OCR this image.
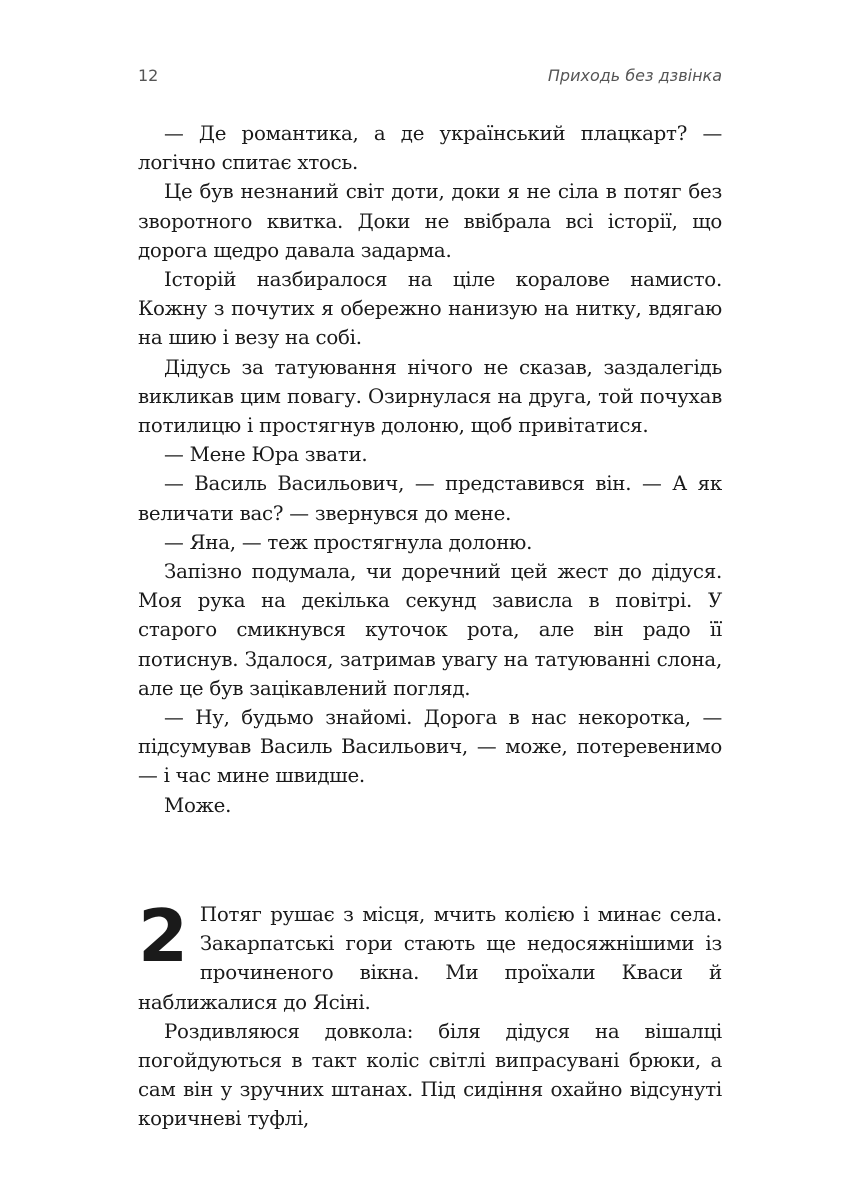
12	Приходь без дзвінка

— Де романтика, а де український плацкарт? — логічно спитає хтось.

Це був незнаний світ доти, доки я не сіла в потяг без зворотного квитка. Доки не ввібрала всі історії, що дорога щедро давала задарма.

Історій назбиралося на ціле коралове намисто. Кожну з почутих я обережно нанизую на нитку, вдягаю на шию і везу на собі.

Дідусь за татуювання нічого не сказав, заздалегідь викликав цим повагу. Озирнулася на друга, той почухав потилицю і простягнув долоню, щоб привітатися.

— Мене Юра звати.

— Василь Васильович, — представився він. — А як величати вас? — звернувся до мене.

— Яна, — теж простягнула долоню.

Запізно подумала, чи доречний цей жест до дідуся. Моя рука на декілька секунд зависла в повітрі. У старого смикнувся куточок рота, але він радо її потиснув. Здалося, затримав увагу на татуюванні слона, але це був зацікавлений погляд.

— Ну, будьмо знайомі. Дорога в нас некоротка, — підсумував Василь Васильович, — може, потеревенимо — і час мине швидше.

Може.

2 Потяг рушає з місця, мчить колією і минає села. Закарпатські гори стають ще недосяжнішими із прочиненого вікна. Ми проїхали Кваси й наближалися до Ясіні.

Роздивляюся довкола: біля дідуся на вішалці погойдуються в такт коліс світлі випрасувані брюки, а сам він у зручних штанах. Під сидіння охайно відсунуті коричневі туфлі,
